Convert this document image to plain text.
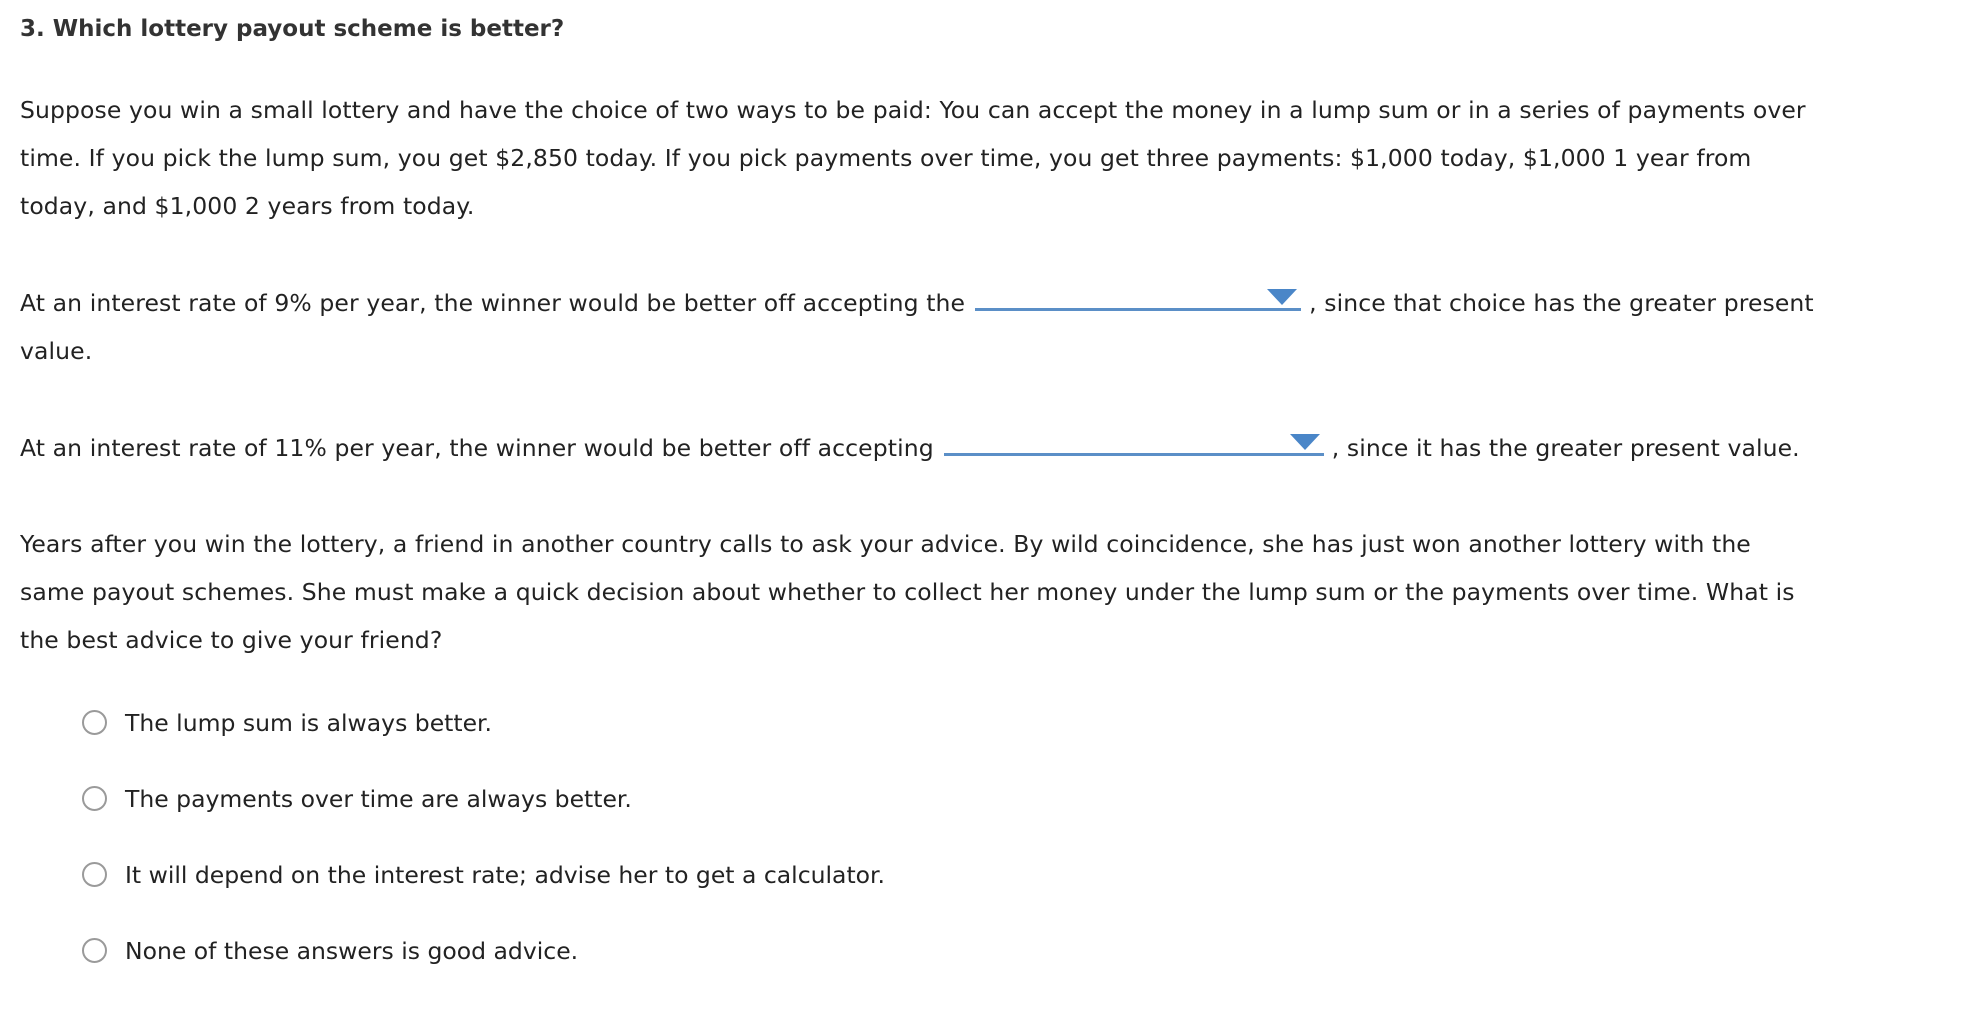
3. Which lottery payout scheme is better?

Suppose you win a small lottery and have the choice of two ways to be paid: You can accept the money in a lump sum or in a series of payments over
time. If you pick the lump sum, you get $2,850 today. If you pick payments over time, you get three payments: $1,000 today, $1,000 1 year from
today, and $1,000 2 years from today.

At an interest rate of 9% per year, the winner would be better off accepting the	, since that choice has the greater present
value.

At an interest rate of 11% per year, the winner would be better off accepting	, since it has the greater present value.

Years after you win the lottery, a friend in another country calls to ask your advice. By wild coincidence, she has just won another lottery with the
same payout schemes. She must make a quick decision about whether to collect her money under the lump sum or the payments over time. What is
the best advice to give your friend?

The lump sum is always better.
The payments over time are always better.
It will depend on the interest rate; advise her to get a calculator.
None of these answers is good advice.
